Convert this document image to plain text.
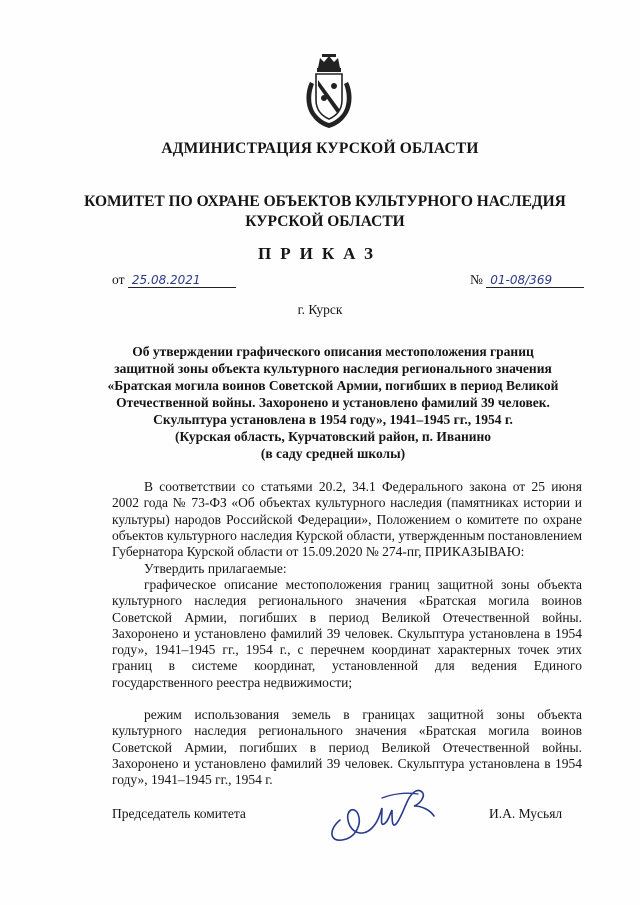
АДМИНИСТРАЦИЯ КУРСКОЙ ОБЛАСТИ
КОМИТЕТ ПО ОХРАНЕ ОБЪЕКТОВ КУЛЬТУРНОГО НАСЛЕДИЯ
КУРСКОЙ ОБЛАСТИ
ПРИКАЗ
от 25.08.2021	№ 01-08/369
г. Курск
Об утверждении графического описания местоположения границ
защитной зоны объекта культурного наследия регионального значения
«Братская могила воинов Советской Армии, погибших в период Великой
Отечественной войны. Захоронено и установлено фамилий 39 человек.
Скульптура установлена в 1954 году», 1941–1945 гг., 1954 г.
(Курская область, Курчатовский район, п. Иванино
(в саду средней школы)

В соответствии со статьями 20.2, 34.1 Федерального закона от 25 июня 2002 года № 73-ФЗ «Об объектах культурного наследия (памятниках истории и культуры) народов Российской Федерации», Положением о комитете по охране объектов культурного наследия Курской области, утвержденным постановлением Губернатора Курской области от 15.09.2020 № 274-пг, ПРИКАЗЫВАЮ:

Утвердить прилагаемые:

графическое описание местоположения границ защитной зоны объекта культурного наследия регионального значения «Братская могила воинов Советской Армии, погибших в период Великой Отечественной войны. Захоронено и установлено фамилий 39 человек. Скульптура установлена в 1954 году», 1941–1945 гг., 1954 г., с перечнем координат характерных точек этих границ в системе координат, установленной для ведения Единого государственного реестра недвижимости;

режим использования земель в границах защитной зоны объекта культурного наследия регионального значения «Братская могила воинов Советской Армии, погибших в период Великой Отечественной войны. Захоронено и установлено фамилий 39 человек. Скульптура установлена в 1954 году», 1941–1945 гг., 1954 г.

Председатель комитета	И.А. Мусьял
